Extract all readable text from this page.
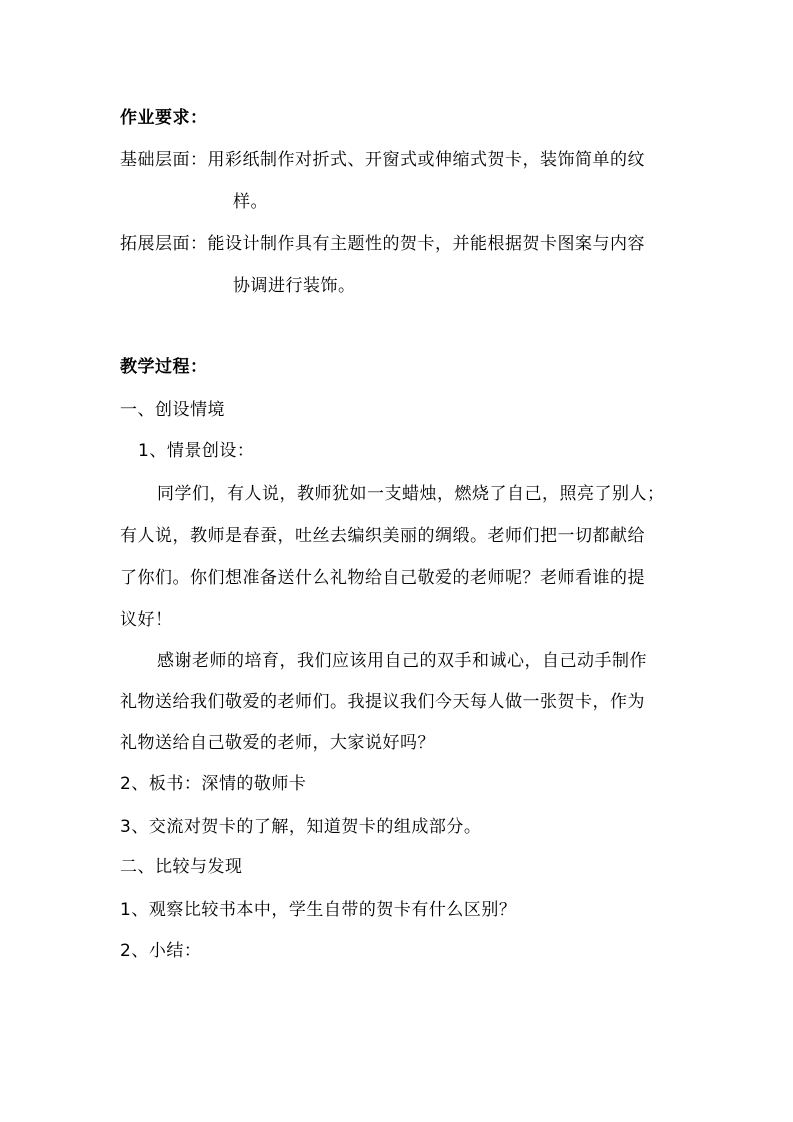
作业要求：
基础层面：用彩纸制作对折式、开窗式或伸缩式贺卡，装饰简单的纹
样。
拓展层面：能设计制作具有主题性的贺卡，并能根据贺卡图案与内容
协调进行装饰。
教学过程：
一、创设情境
1、情景创设：
同学们，有人说，教师犹如一支蜡烛，燃烧了自己，照亮了别人；
有人说，教师是春蚕，吐丝去编织美丽的绸缎。老师们把一切都献给
了你们。你们想准备送什么礼物给自己敬爱的老师呢？老师看谁的提
议好！
感谢老师的培育，我们应该用自己的双手和诚心，自己动手制作
礼物送给我们敬爱的老师们。我提议我们今天每人做一张贺卡，作为
礼物送给自己敬爱的老师，大家说好吗？
2、板书：深情的敬师卡
3、交流对贺卡的了解，知道贺卡的组成部分。
二、比较与发现
1、观察比较书本中，学生自带的贺卡有什么区别？
2、小结：
